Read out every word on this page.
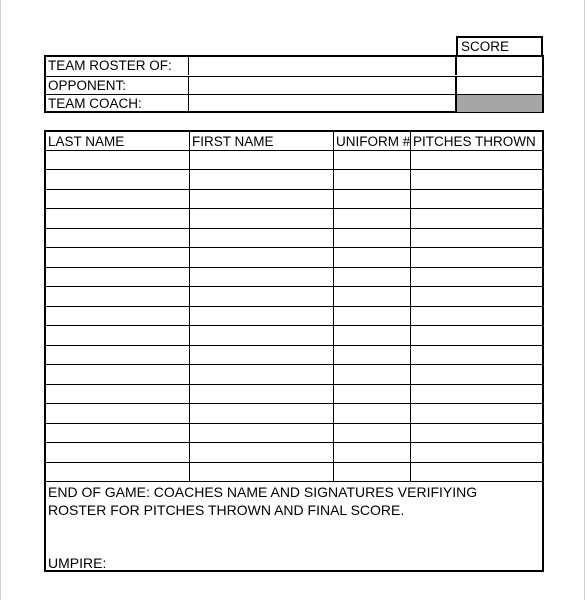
SCORE
TEAM ROSTER OF:
OPPONENT:
TEAM COACH:
LAST NAME	FIRST NAME	UNIFORM # PITCHES THROWN
END OF GAME: COACHES NAME AND SIGNATURES VERIFIYING ROSTER FOR PITCHES THROWN AND FINAL SCORE.
UMPIRE:
